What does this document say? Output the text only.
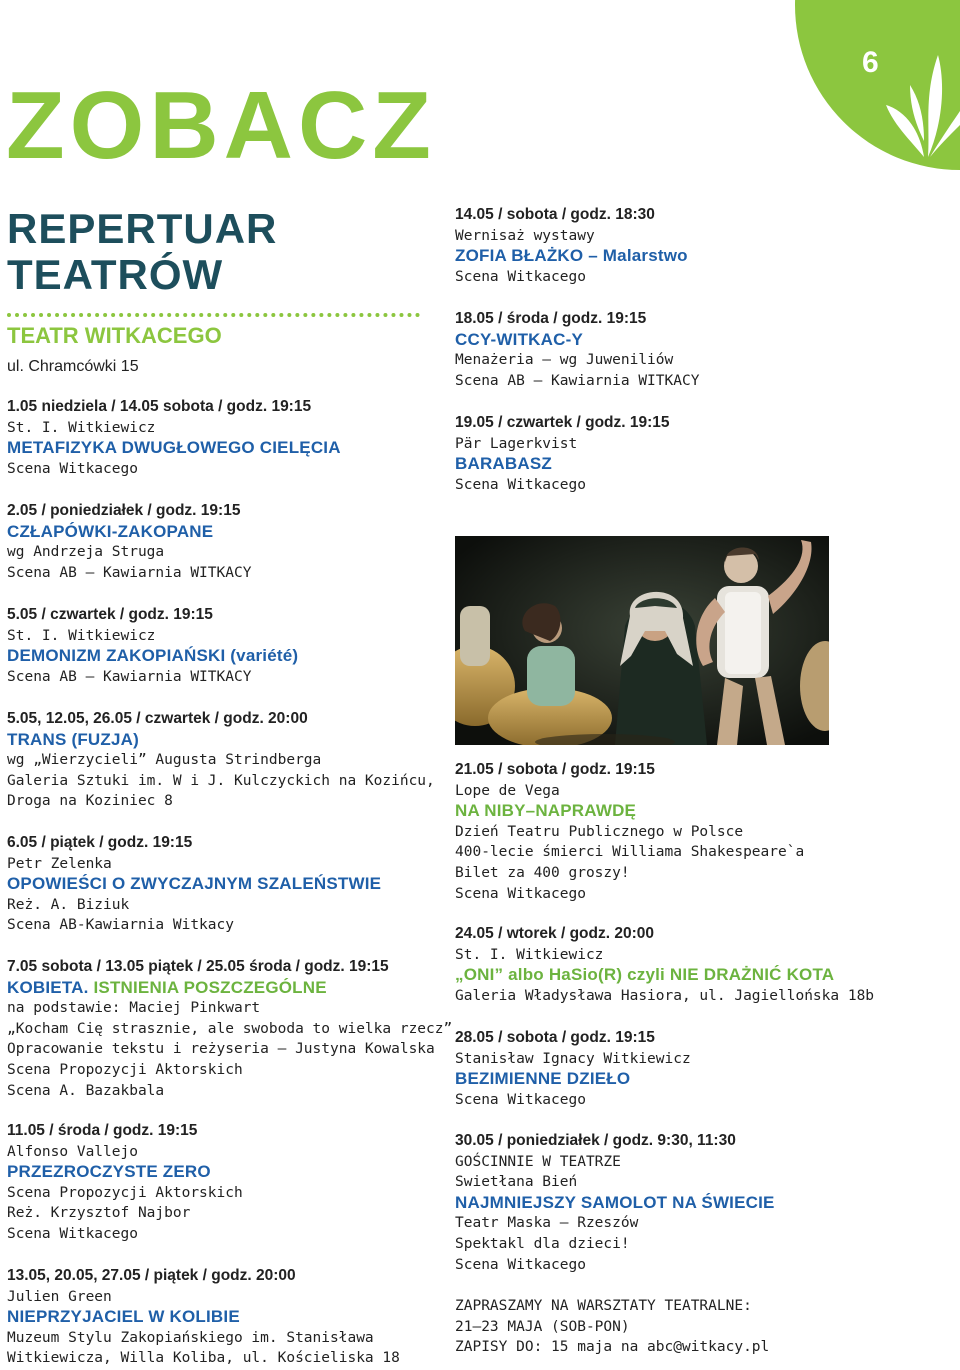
6
ZOBACZ
REPERTUAR
TEATRÓW
TEATR WITKACEGO
ul. Chramcówki 15
1.05 niedziela / 14.05 sobota / godz. 19:15
St. I. Witkiewicz
METAFIZYKA DWUGŁOWEGO CIELĘCIA
Scena Witkacego
2.05 / poniedziałek / godz. 19:15
CZŁAPÓWKI-ZAKOPANE
wg Andrzeja Struga
Scena AB – Kawiarnia WITKACY
5.05 / czwartek / godz. 19:15
St. I. Witkiewicz
DEMONIZM ZAKOPIAŃSKI (variété)
Scena AB – Kawiarnia WITKACY
5.05, 12.05, 26.05 / czwartek / godz. 20:00
TRANS (FUZJA)
wg „Wierzycieli” Augusta Strindberga
Galeria Sztuki im. W i J. Kulczyckich na Kozińcu,
Droga na Koziniec 8
6.05 / piątek / godz. 19:15
Petr Zelenka
OPOWIEŚCI O ZWYCZAJNYM SZALEŃSTWIE
Reż. A. Biziuk
Scena AB-Kawiarnia Witkacy
7.05 sobota / 13.05 piątek / 25.05 środa / godz. 19:15
KOBIETA. ISTNIENIA POSZCZEGÓLNE
na podstawie: Maciej Pinkwart
„Kocham Cię strasznie, ale swoboda to wielka rzecz”
Opracowanie tekstu i reżyseria – Justyna Kowalska
Scena Propozycji Aktorskich
Scena A. Bazakbala
11.05 / środa / godz. 19:15
Alfonso Vallejo
PRZEZROCZYSTE ZERO
Scena Propozycji Aktorskich
Reż. Krzysztof Najbor
Scena Witkacego
13.05, 20.05, 27.05 / piątek / godz. 20:00
Julien Green
NIEPRZYJACIEL W KOLIBIE
Muzeum Stylu Zakopiańskiego im. Stanisława
Witkiewicza, Willa Koliba, ul. Kościeliska 18
14.05 / sobota / godz. 18:30
Wernisaż wystawy
ZOFIA BŁAŻKO – Malarstwo
Scena Witkacego
18.05 / środa / godz. 19:15
CCY-WITKAC-Y
Menażeria – wg Juweniliów
Scena AB – Kawiarnia WITKACY
19.05 / czwartek / godz. 19:15
Pär Lagerkvist
BARABASZ
Scena Witkacego
21.05 / sobota / godz. 19:15
Lope de Vega
NA NIBY–NAPRAWDĘ
Dzień Teatru Publicznego w Polsce
400-lecie śmierci Williama Shakespeare`a
Bilet za 400 groszy!
Scena Witkacego
24.05 / wtorek / godz. 20:00
St. I. Witkiewicz
„ONI” albo HaSio(R) czyli NIE DRAŻNIĆ KOTA
Galeria Władysława Hasiora, ul. Jagiellońska 18b
28.05 / sobota / godz. 19:15
Stanisław Ignacy Witkiewicz
BEZIMIENNE DZIEŁO
Scena Witkacego
30.05 / poniedziałek / godz. 9:30, 11:30
GOŚCINNIE W TEATRZE
Swietłana Bień
NAJMNIEJSZY SAMOLOT NA ŚWIECIE
Teatr Maska – Rzeszów
Spektakl dla dzieci!
Scena Witkacego
ZAPRASZAMY NA WARSZTATY TEATRALNE:
21–23 MAJA (SOB-PON)
ZAPISY DO: 15 maja na abc@witkacy.pl
